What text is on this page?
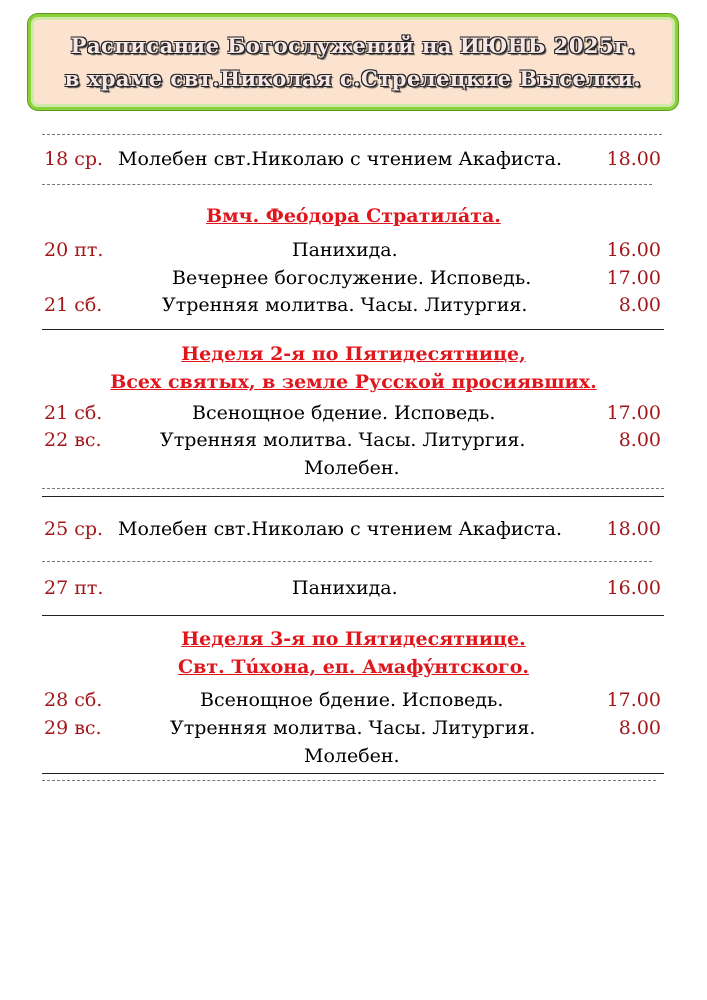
Расписание Богослужений на ИЮНЬ 2025г.
в храме свт.Николая с.Стрелецкие Выселки.
18 ср. Молебен свт.Николаю с чтением Акафиста. 18.00
Вмч. Феóдора Стратилáта.
20 пт.	Панихида.	16.00
Вечернее богослужение. Исповедь.	17.00
21 сб.	Утренняя молитва. Часы. Литургия.	8.00
Неделя 2-я по Пятидесятнице,
Всех святых, в земле Русской просиявших.
21 сб.	Всенощное бдение. Исповедь.	17.00
22 вс.	Утренняя молитва. Часы. Литургия.	8.00
Молебен.
25 ср. Молебен свт.Николаю с чтением Акафиста. 18.00
27 пт.	Панихида.	16.00
Неделя 3-я по Пятидесятнице.
Свт. Тúхона, еп. Амафýнтского.
28 сб.	Всенощное бдение. Исповедь.	17.00
29 вс.	Утренняя молитва. Часы. Литургия.	8.00
Молебен.
